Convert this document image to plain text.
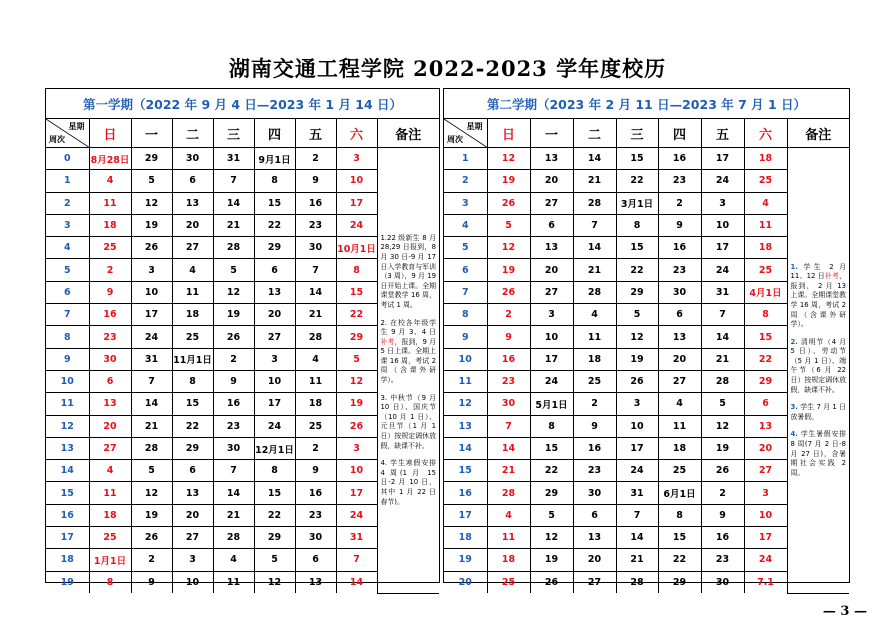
湖南交通工程学院 2022-2023 学年度校历
第一学期（2022 年 9 月 4 日—2023 年 1 月 14 日）								

星期
周次	日	一	二	三	四	五	六	备注
0	8月28日	29	30	31	9月1日	2	3	1.22 级新生 8 月 28,29 日报到，8 月 30 日-9 月 17 日入学教育与军训（3 周），9 月 19 日开始上课。全期课堂教学 16 周，考试 1 周。

2. 在校各年级学生 9 月 3、4 日补考，报到，9 月 5 日上课。全期上课 16 周，考试 2 周（含课外研学）。

3. 中秋节（9 月 10 日）、国庆节（10 月 1 日）、元旦节（1 月 1 日）按规定调休放假，缺课不补。

4. 学生寒假安排 4 周(1 月 15 日-2 月 10 日，其中 1 月 22 日春节)。

1	4	5	6	7	8	9	10	
2	11	12	13	14	15	16	17	
3	18	19	20	21	22	23	24	
4	25	26	27	28	29	30	10月1日	
5	2	3	4	5	6	7	8	
6	9	10	11	12	13	14	15	
7	16	17	18	19	20	21	22	
8	23	24	25	26	27	28	29	
9	30	31	11月1日	2	3	4	5	
10	6	7	8	9	10	11	12	
11	13	14	15	16	17	18	19	
12	20	21	22	23	24	25	26	
13	27	28	29	30	12月1日	2	3	
14	4	5	6	7	8	9	10	
15	11	12	13	14	15	16	17	
16	18	19	20	21	22	23	24	
17	25	26	27	28	29	30	31	
18	1月1日	2	3	4	5	6	7	
19	8	9	10	11	12	13	14	
第二学期（2023 年 2 月 11 日—2023 年 7 月 1 日）								

星期
周次	日	一	二	三	四	五	六	备注
1	12	13	14	15	16	17	18	1. 学生 2 月 11、12 日补考，报到， 2 月 13 上课。全期课堂教学 16 周，考试 2 周（含课外研学）。

2. 清明节（4 月 5 日）、劳动节（5 月 1 日）、端午节（6 月 22 日）按规定调休放假，缺课不补。

3. 学生 7 月 1 日放暑假。

4. 学生暑假安排 8 周(7 月 2 日-8 月 27 日)，含暑期社会实践 2 周。

2	19	20	21	22	23	24	25	
3	26	27	28	3月1日	2	3	4	
4	5	6	7	8	9	10	11	
5	12	13	14	15	16	17	18	
6	19	20	21	22	23	24	25	
7	26	27	28	29	30	31	4月1日	
8	2	3	4	5	6	7	8	
9	9	10	11	12	13	14	15	
10	16	17	18	19	20	21	22	
11	23	24	25	26	27	28	29	
12	30	5月1日	2	3	4	5	6	
13	7	8	9	10	11	12	13	
14	14	15	16	17	18	19	20	
15	21	22	23	24	25	26	27	
16	28	29	30	31	6月1日	2	3	
17	4	5	6	7	8	9	10	
18	11	12	13	14	15	16	17	
19	18	19	20	21	22	23	24	
20	25	26	27	28	29	30	7.1	
— 3 —
